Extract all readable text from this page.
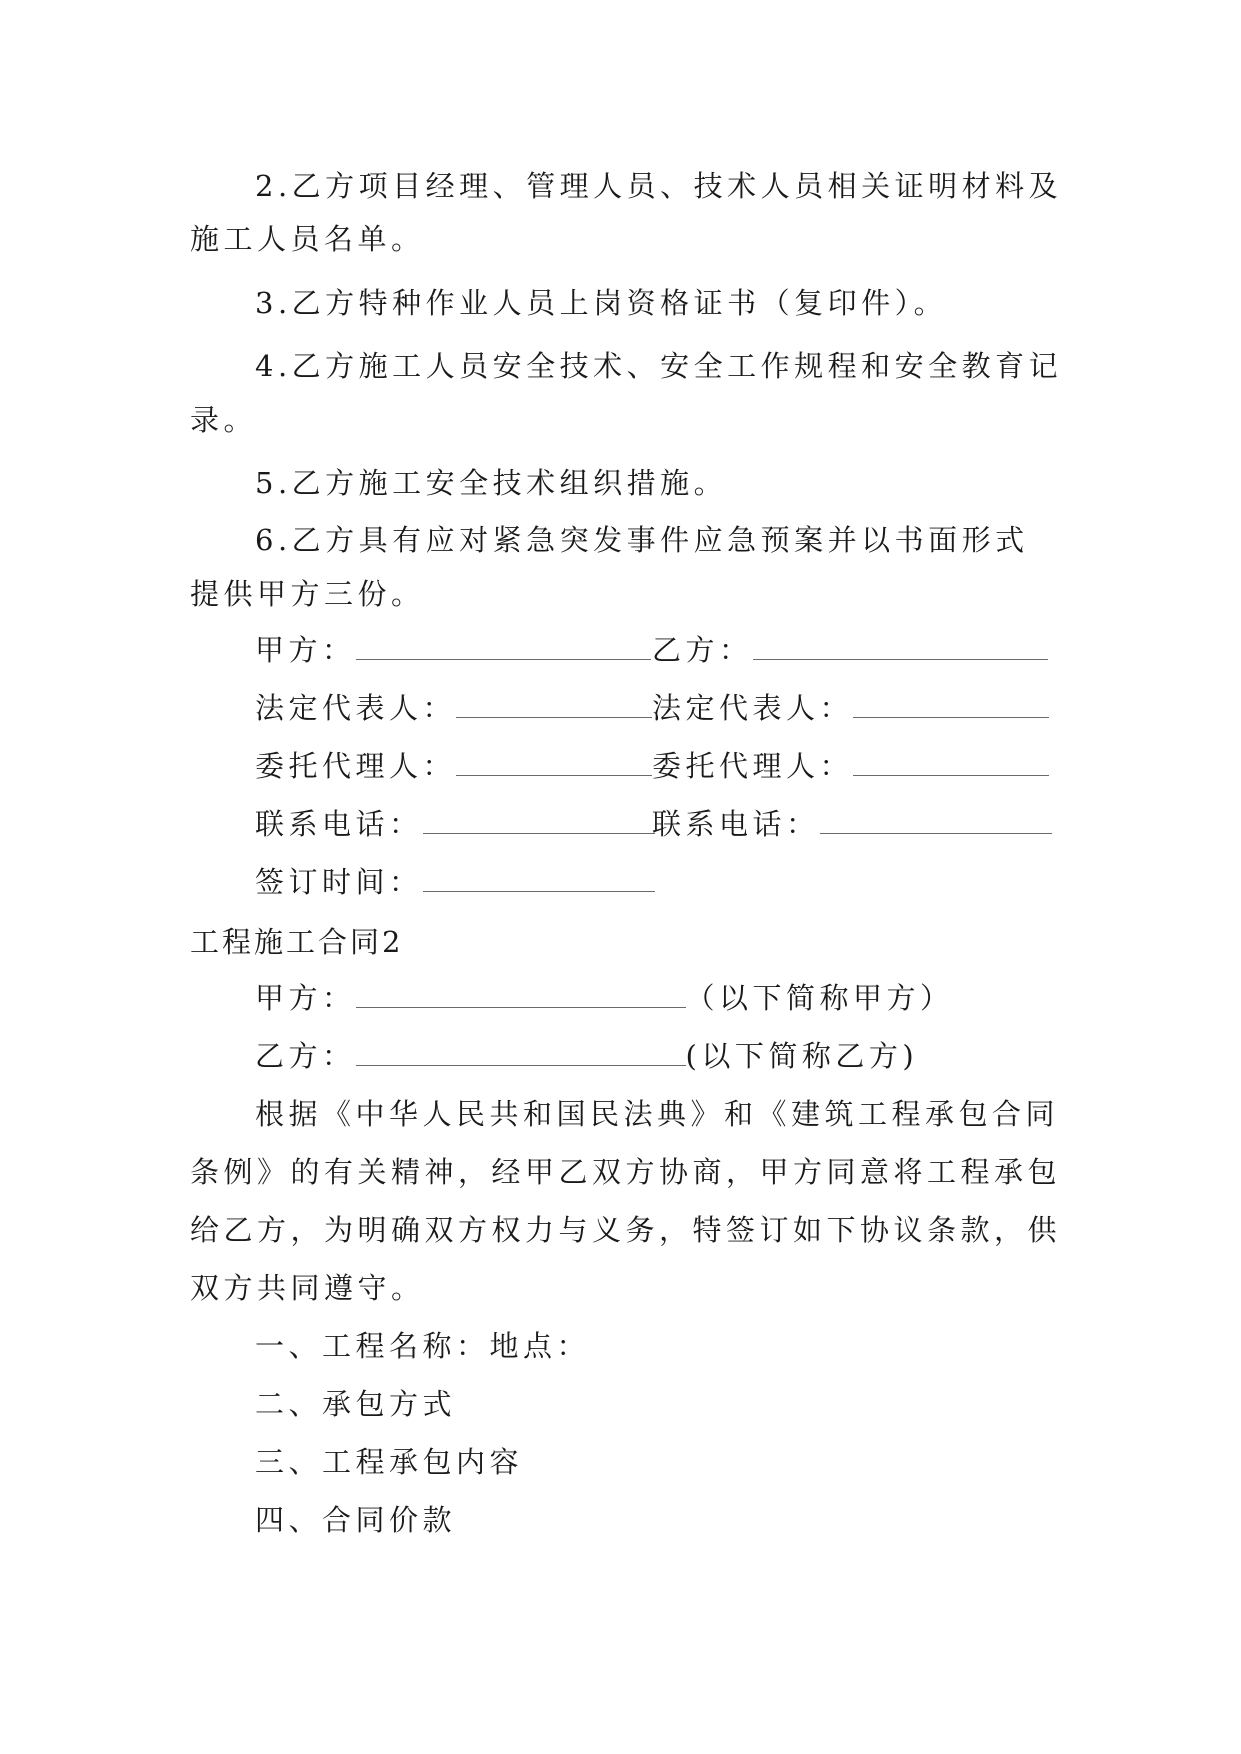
2.乙方项目经理、管理人员、技术人员相关证明材料及
施工人员名单。
3.乙方特种作业人员上岗资格证书（复印件）。
4.乙方施工人员安全技术、安全工作规程和安全教育记
录。
5.乙方施工安全技术组织措施。
6.乙方具有应对紧急突发事件应急预案并以书面形式
提供甲方三份。
甲方：	乙方：
法定代表人：	法定代表人：
委托代理人：	委托代理人：
联系电话：	联系电话：
签订时间：
工程施工合同2
甲方：	（以下简称甲方）
乙方：	(以下简称乙方)
根据《中华人民共和国民法典》和《建筑工程承包合同
条例》的有关精神，经甲乙双方协商，甲方同意将工程承包
给乙方，为明确双方权力与义务，特签订如下协议条款，供
双方共同遵守。
一、工程名称：地点：
二、承包方式
三、工程承包内容
四、合同价款
